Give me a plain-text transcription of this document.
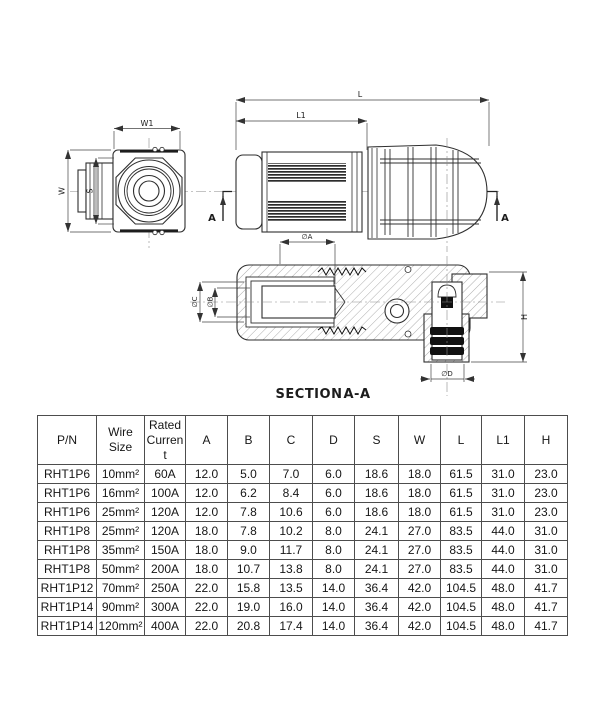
W1
W S
L
L1
A	A
∅A
∅C ∅B
∅D
H
SECTION A-A
P/N	Wire Size	Rated Current	A	B	C	D	S	W	L	L1	H
RHT1P6	10mm²	60A	12.0	5.0	7.0	6.0	18.6	18.0	61.5	31.0	23.0
RHT1P6	16mm²	100A	12.0	6.2	8.4	6.0	18.6	18.0	61.5	31.0	23.0
RHT1P6	25mm²	120A	12.0	7.8	10.6	6.0	18.6	18.0	61.5	31.0	23.0
RHT1P8	25mm²	120A	18.0	7.8	10.2	8.0	24.1	27.0	83.5	44.0	31.0
RHT1P8	35mm²	150A	18.0	9.0	11.7	8.0	24.1	27.0	83.5	44.0	31.0
RHT1P8	50mm²	200A	18.0	10.7	13.8	8.0	24.1	27.0	83.5	44.0	31.0
RHT1P12	70mm²	250A	22.0	15.8	13.5	14.0	36.4	42.0	104.5	48.0	41.7
RHT1P14	90mm²	300A	22.0	19.0	16.0	14.0	36.4	42.0	104.5	48.0	41.7
RHT1P14	120mm²	400A	22.0	20.8	17.4	14.0	36.4	42.0	104.5	48.0	41.7
